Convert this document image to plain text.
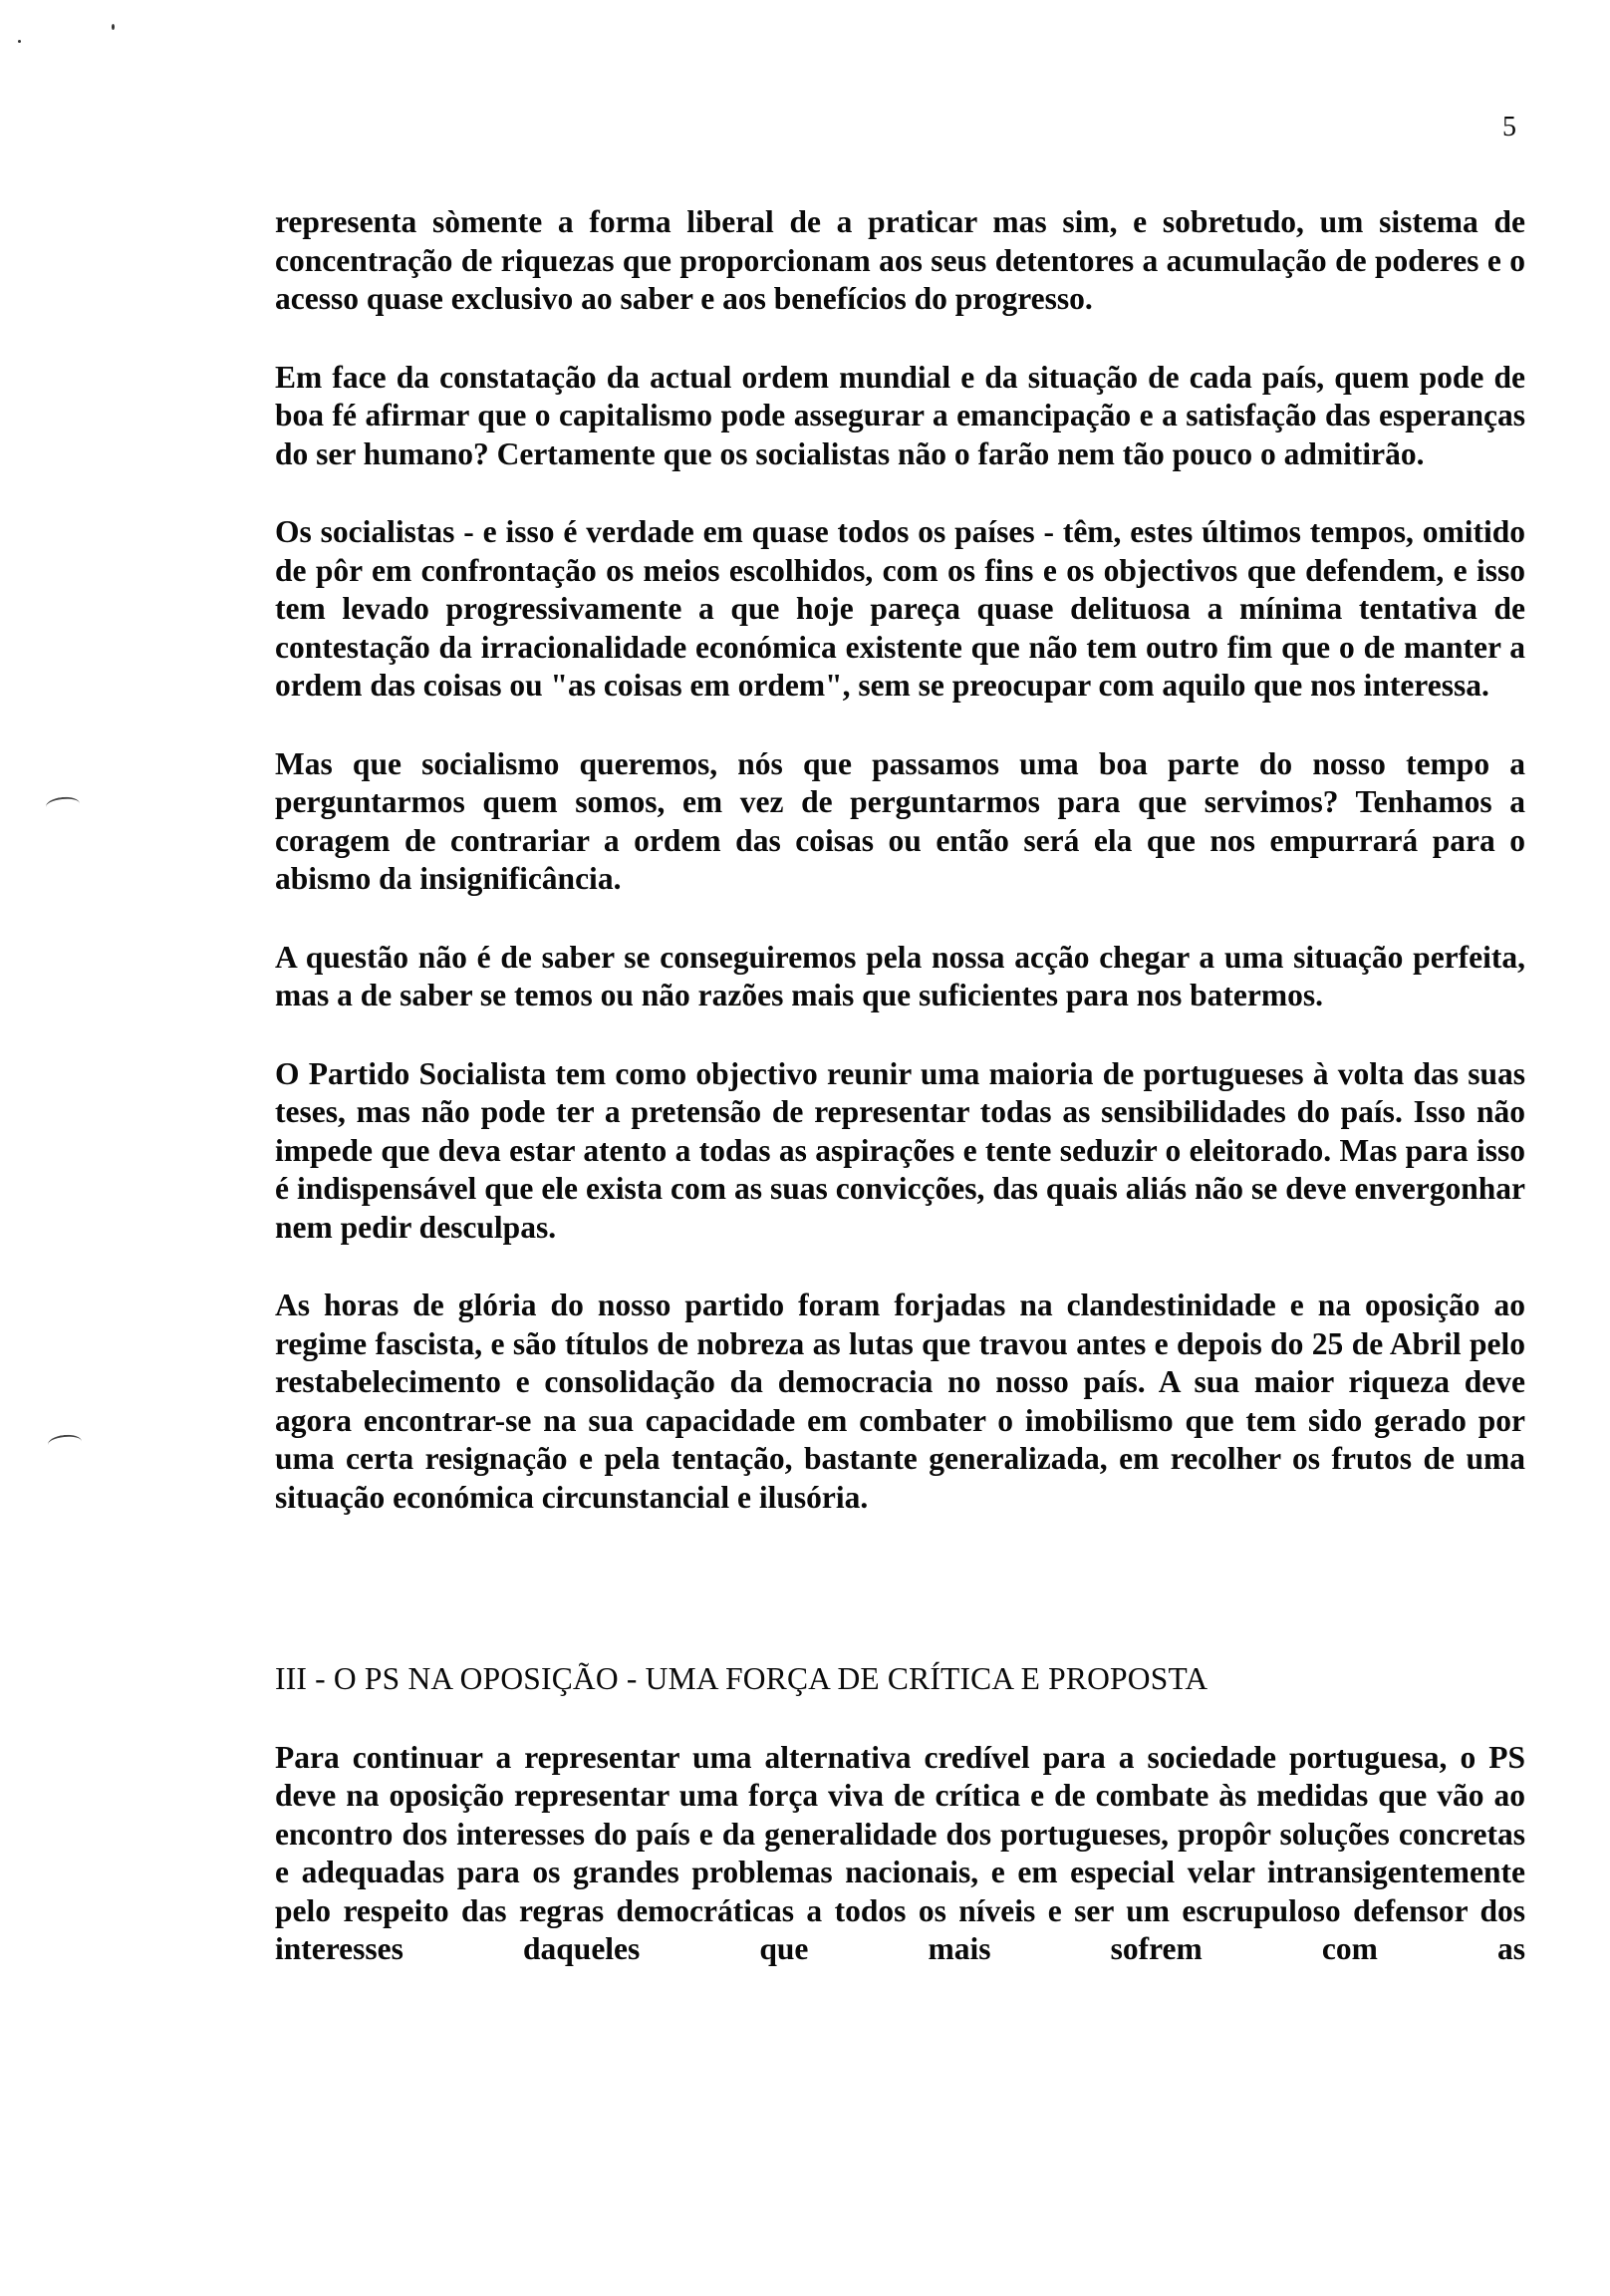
5

representa sòmente a forma liberal de a praticar mas sim, e sobretudo, um sistema de concentração de riquezas que proporcionam aos seus detentores a acumulação de poderes e o acesso quase exclusivo ao saber e aos benefícios do progresso.

Em face da constatação da actual ordem mundial e da situação de cada país, quem pode de boa fé afirmar que o capitalismo pode assegurar a emancipação e a satisfação das esperanças do ser humano? Certamente que os socialistas não o farão nem tão pouco o admitirão.

Os socialistas - e isso é verdade em quase todos os países - têm, estes últimos tempos, omitido de pôr em confrontação os meios escolhidos, com os fins e os objectivos que defendem, e isso tem levado progressivamente a que hoje pareça quase delituosa a mínima tentativa de contestação da irracionalidade económica existente que não tem outro fim que o de manter a ordem das coisas ou "as coisas em ordem", sem se preocupar com aquilo que nos interessa.

Mas que socialismo queremos, nós que passamos uma boa parte do nosso tempo a perguntarmos quem somos, em vez de perguntarmos para que servimos? Tenhamos a coragem de contrariar a ordem das coisas ou então será ela que nos empurrará para o abismo da insignificância.

A questão não é de saber se conseguiremos pela nossa acção chegar a uma situação perfeita, mas a de saber se temos ou não razões mais que suficientes para nos batermos.

O Partido Socialista tem como objectivo reunir uma maioria de portugueses à volta das suas teses, mas não pode ter a pretensão de representar todas as sensibilidades do país. Isso não impede que deva estar atento a todas as aspirações e tente seduzir o eleitorado. Mas para isso é indispensável que ele exista com as suas convicções, das quais aliás não se deve envergonhar nem pedir desculpas.

As horas de glória do nosso partido foram forjadas na clandestinidade e na oposição ao regime fascista, e são títulos de nobreza as lutas que travou antes e depois do 25 de Abril pelo restabelecimento e consolidação da democracia no nosso país. A sua maior riqueza deve agora encontrar-se na sua capacidade em combater o imobilismo que tem sido gerado por uma certa resignação e pela tentação, bastante generalizada, em recolher os frutos de uma situação económica circunstancial e ilusória.

III - O PS NA OPOSIÇÃO - UMA FORÇA DE CRÍTICA E PROPOSTA

Para continuar a representar uma alternativa credível para a sociedade portuguesa, o PS deve na oposição representar uma força viva de crítica e de combate às medidas que vão ao encontro dos interesses do país e da generalidade dos portugueses, propôr soluções concretas e adequadas para os grandes problemas nacionais, e em especial velar intransigentemente pelo respeito das regras democráticas a todos os níveis e ser um escrupuloso defensor dos interesses daqueles que mais sofrem com as
